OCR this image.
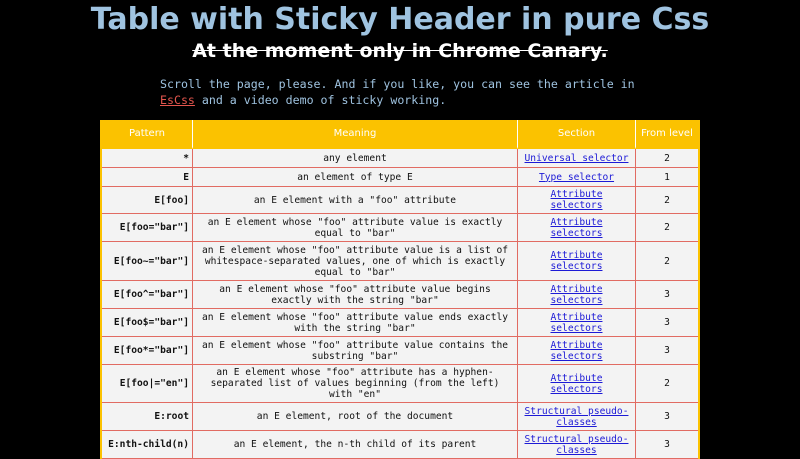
Table with Sticky Header in pure Css
At the moment only in Chrome Canary.

Scroll the page, please. And if you like, you can see the article in EsCss and a video demo of sticky working.

Pattern	Meaning	Section	From level
*	any element	Universal selector	2
E	an element of type E	Type selector	1
E[foo]	an E element with a "foo" attribute	Attribute selectors	2
E[foo="bar"]	an E element whose "foo" attribute value is exactly equal to "bar"	Attribute selectors	2
E[foo~="bar"]	an E element whose "foo" attribute value is a list of whitespace-separated values, one of which is exactly equal to "bar"	Attribute selectors	2
E[foo^="bar"]	an E element whose "foo" attribute value begins exactly with the string "bar"	Attribute selectors	3
E[foo$="bar"]	an E element whose "foo" attribute value ends exactly with the string "bar"	Attribute selectors	3
E[foo*="bar"]	an E element whose "foo" attribute value contains the substring "bar"	Attribute selectors	3
E[foo|="en"]	an E element whose "foo" attribute has a hyphen-separated list of values beginning (from the left) with "en"	Attribute selectors	2
E:root	an E element, root of the document	Structural pseudo-classes	3
E:nth-child(n)	an E element, the n-th child of its parent	Structural pseudo-classes	3
